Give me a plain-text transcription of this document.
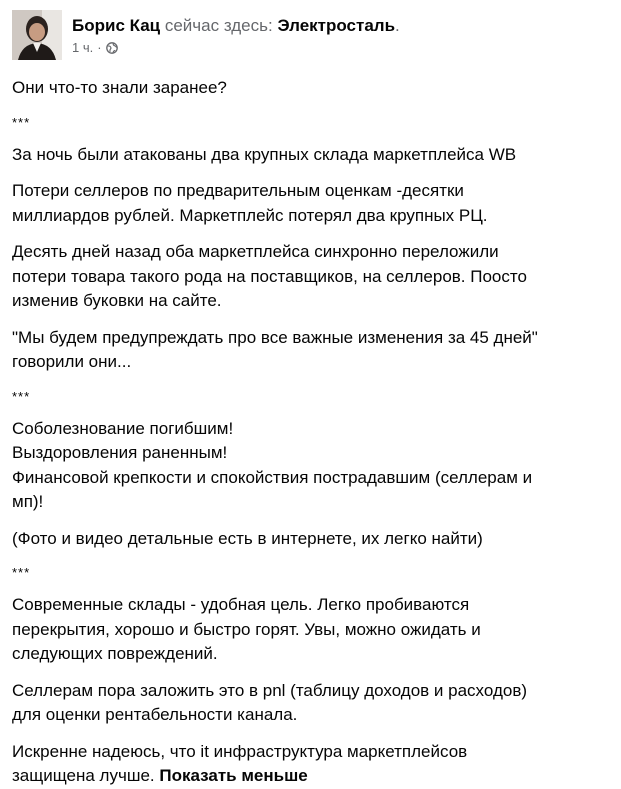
Борис Кац сейчас здесь: Электросталь.
1 ч. ·
Они что-то знали заранее?
***
За ночь были атакованы два крупных склада маркетплейса WB
Потери селлеров по предварительным оценкам -десятки
миллиардов рублей. Маркетплейс потерял два крупных РЦ.
Десять дней назад оба маркетплейса синхронно переложили
потери товара такого рода на поставщиков, на селлеров. Поосто
изменив буковки на сайте.
"Мы будем предупреждать про все важные изменения за 45 дней"
говорили они...
***
Соболезнование погибшим!
Выздоровления раненным!
Финансовой крепкости и спокойствия пострадавшим (селлерам и
мп)!
(Фото и видео детальные есть в интернете, их легко найти)
***
Современные склады - удобная цель. Легко пробиваются
перекрытия, хорошо и быстро горят. Увы, можно ожидать и
следующих повреждений.
Селлерам пора заложить это в pnl (таблицу доходов и расходов)
для оценки рентабельности канала.
Искренне надеюсь, что it инфраструктура маркетплейсов
защищена лучше. Показать меньше
